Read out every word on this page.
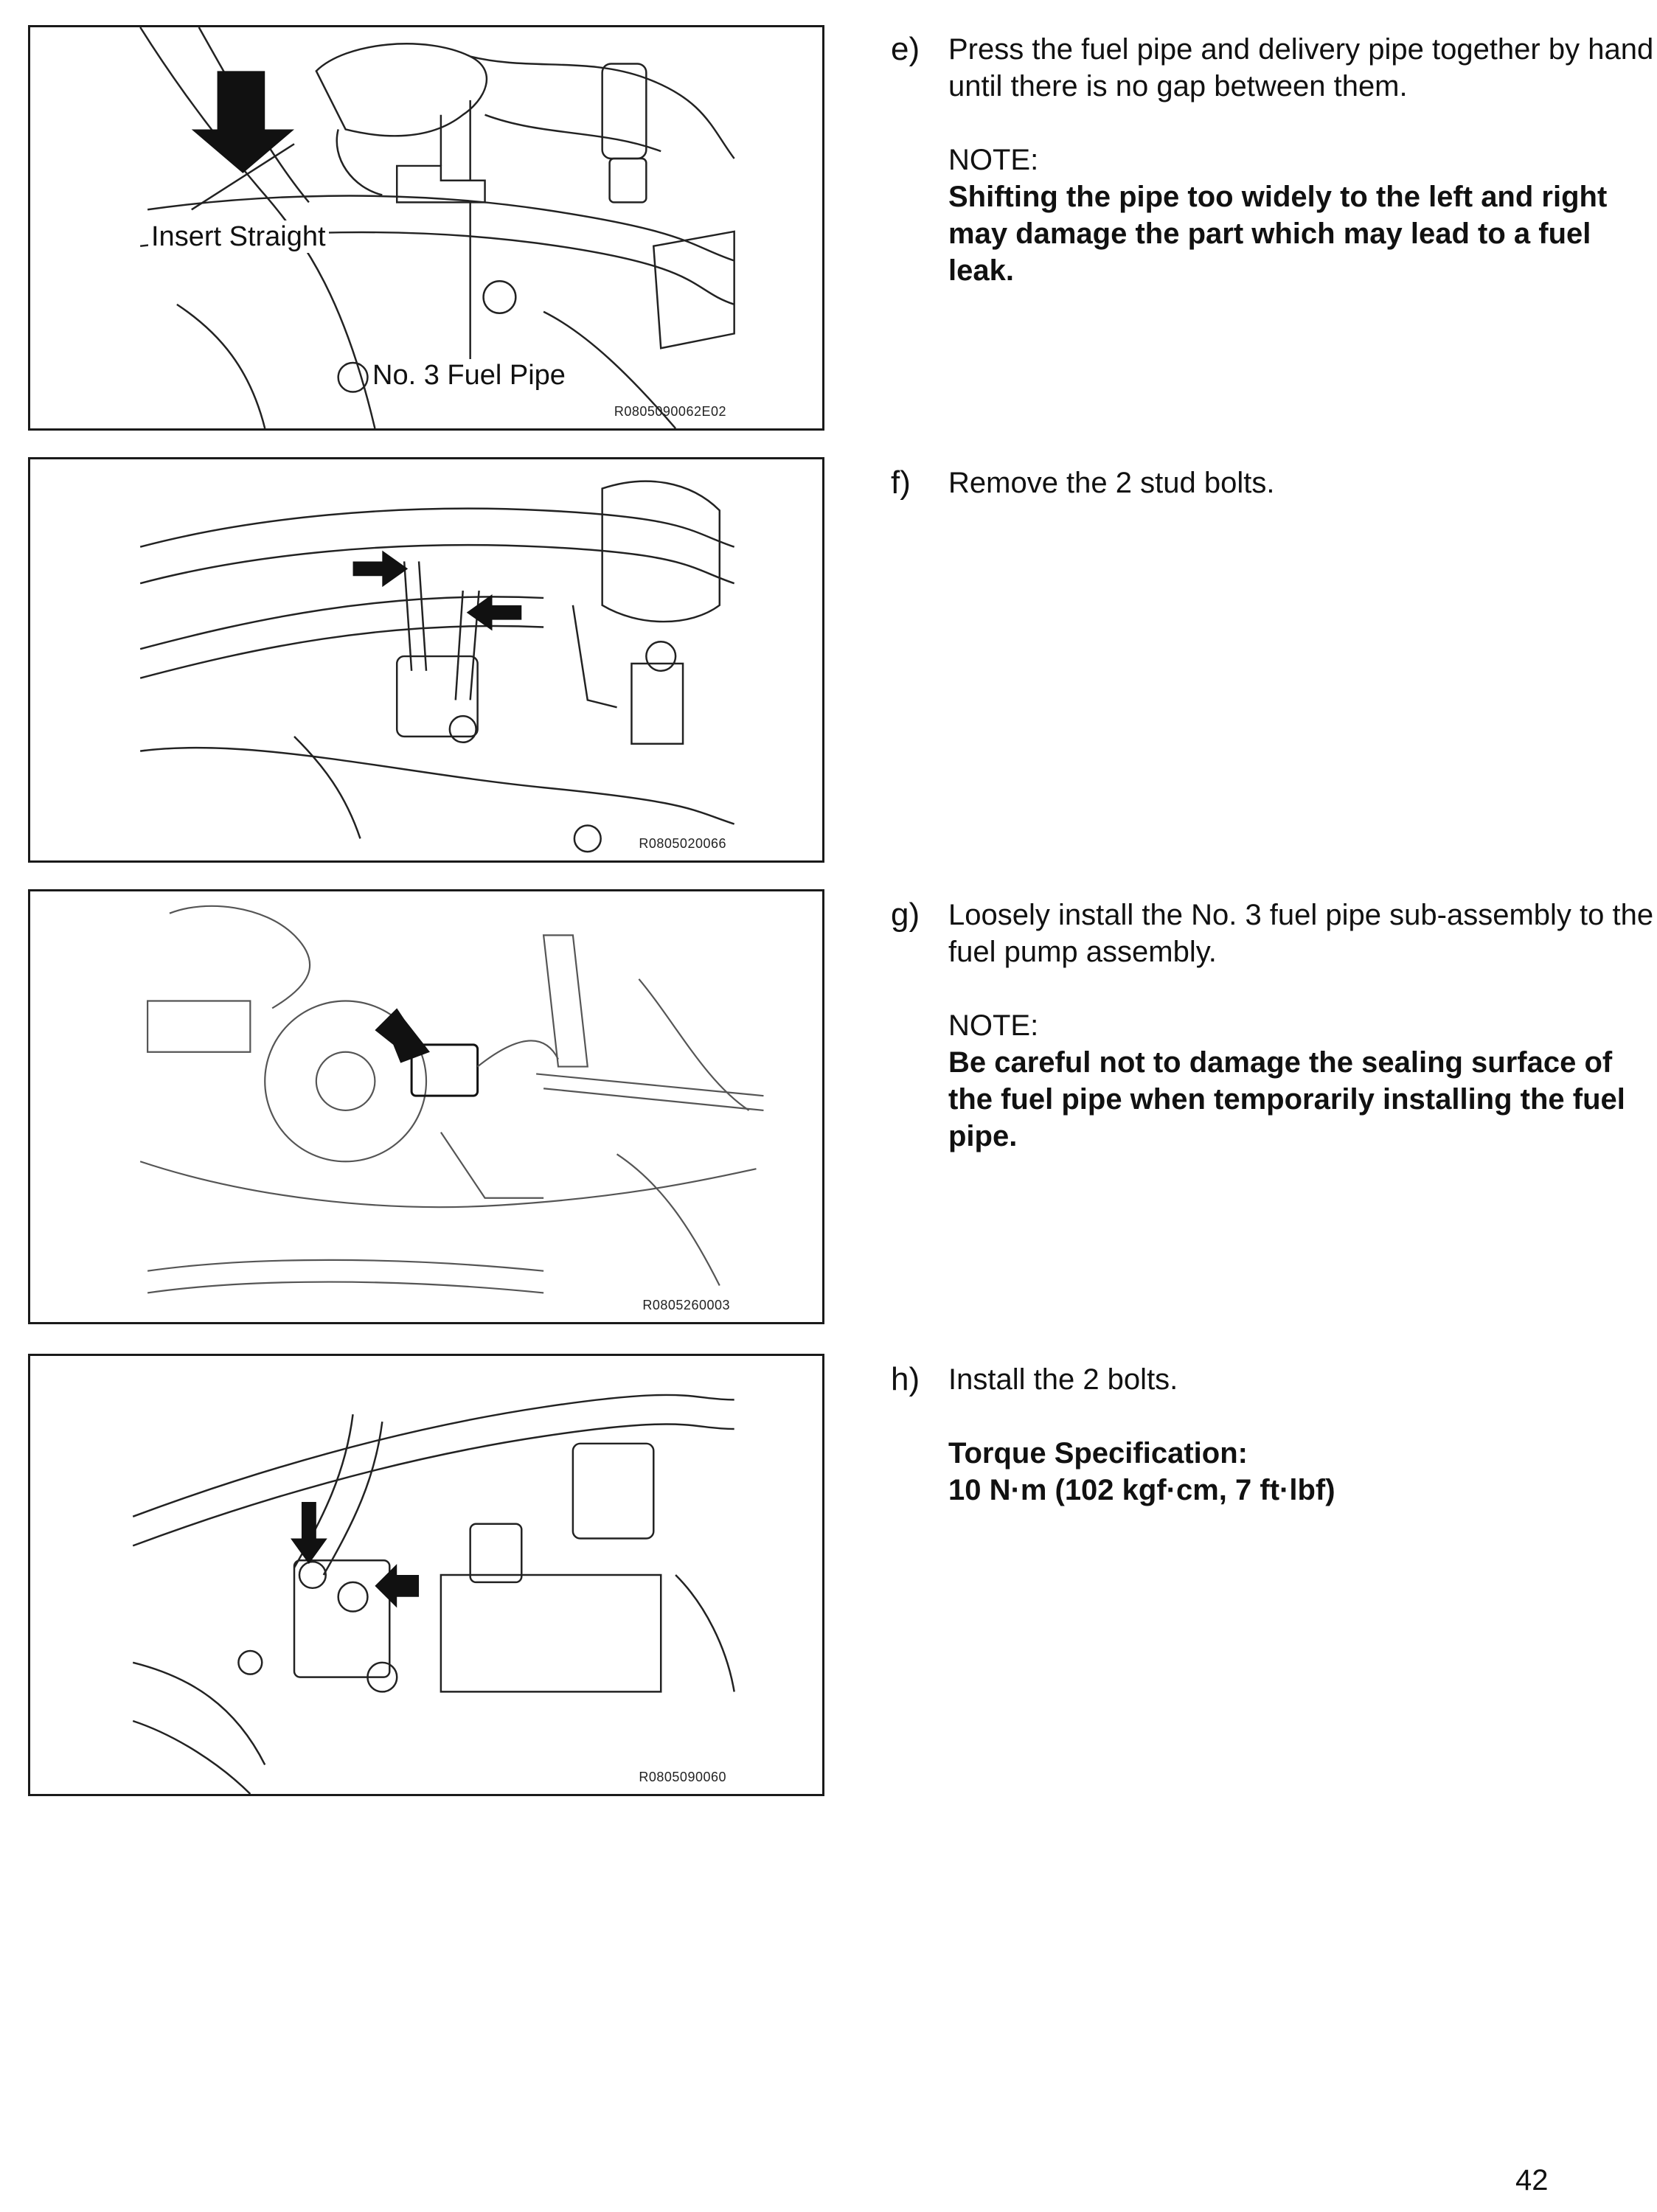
Insert Straight
No. 3 Fuel Pipe
R0805090062E02
R0805020066
R0805260003
R0805090060
e) Press the fuel pipe and delivery pipe together by hand until there is no gap between them.

NOTE:

Shifting the pipe too widely to the left and right may damage the part which may lead to a fuel leak.

f) Remove the 2 stud bolts.

g) Loosely install the No. 3 fuel pipe sub-assembly to the fuel pump assembly.

NOTE:

Be careful not to damage the sealing surface of the fuel pipe when temporarily installing the fuel pipe.

h) Install the 2 bolts.

Torque Specification:

10 N·m (102 kgf·cm, 7 ft·lbf)

42
